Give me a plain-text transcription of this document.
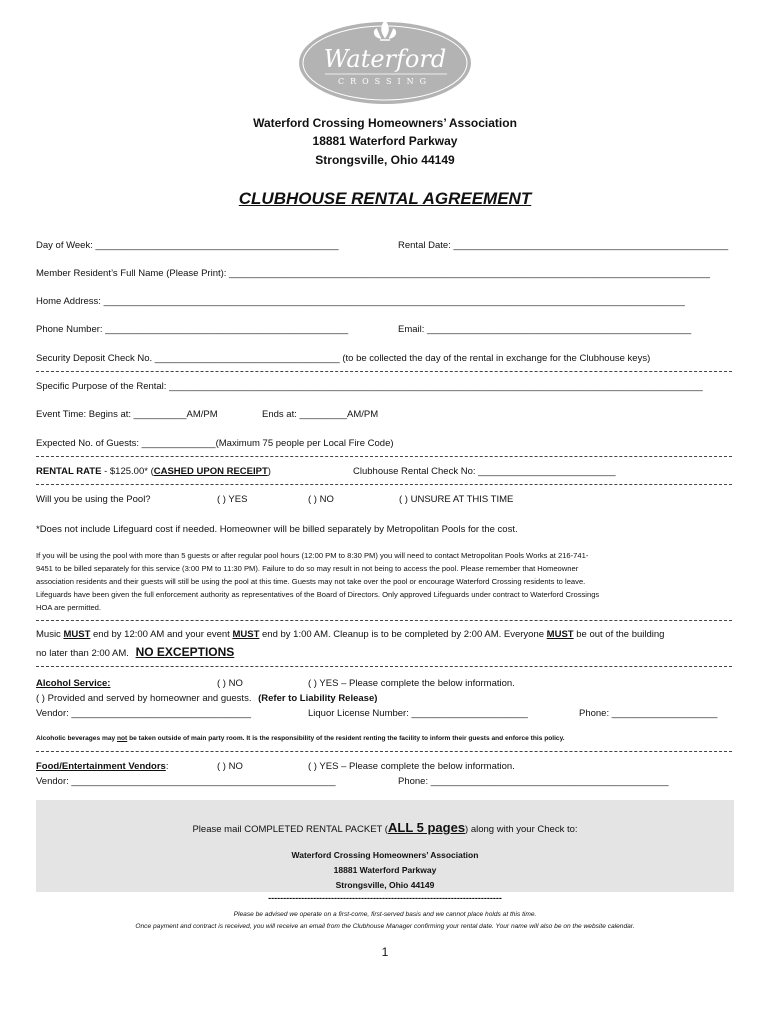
Waterford
CROSSING
Waterford Crossing Homeowners’ Association
18881 Waterford Parkway
Strongsville, Ohio 44149
CLUBHOUSE RENTAL AGREEMENT
Day of Week: ______________________________________________	Rental Date: ____________________________________________________
Member Resident’s Full Name (Please Print): ___________________________________________________________________________________________
Home Address: ______________________________________________________________________________________________________________
Phone Number: ______________________________________________	Email: __________________________________________________
Security Deposit Check No. ___________________________________ (to be collected the day of the rental in exchange for the Clubhouse keys)
Specific Purpose of the Rental: _____________________________________________________________________________________________________
Event Time: Begins at: __________AM/PM	Ends at: _________AM/PM
Expected No. of Guests: ______________(Maximum 75 people per Local Fire Code)
RENTAL RATE - $125.00* (CASHED UPON RECEIPT)	Clubhouse Rental Check No: __________________________
Will you be using the Pool?	( ) YES	( ) NO	( ) UNSURE AT THIS TIME
*Does not include Lifeguard cost if needed. Homeowner will be billed separately by Metropolitan Pools for the cost.
If you will be using the pool with more than 5 guests or after regular pool hours (12:00 PM to 8:30 PM) you will need to contact Metropolitan Pools Works at 216-741-
9451 to be billed separately for this service (3:00 PM to 11:30 PM). Failure to do so may result in not being to access the pool. Please remember that Homeowner
association residents and their guests will still be using the pool at this time. Guests may not take over the pool or encourage Waterford Crossing residents to leave.
Lifeguards have been given the full enforcement authority as representatives of the Board of Directors. Only approved Lifeguards under contract to Waterford Crossings
HOA are permitted.
Music MUST end by 12:00 AM and your event MUST end by 1:00 AM. Cleanup is to be completed by 2:00 AM. Everyone MUST be out of the building
no later than 2:00 AM. NO EXCEPTIONS
Alcohol Service:	( ) NO	( ) YES – Please complete the below information.
( ) Provided and served by homeowner and guests. (Refer to Liability Release)
Vendor: __________________________________	Liquor License Number: ______________________	Phone: ____________________
Alcoholic beverages may not be taken outside of main party room. It is the responsibility of the resident renting the facility to inform their guests and enforce this policy.
Food/Entertainment Vendors:	( ) NO	( ) YES – Please complete the below information.
Vendor: __________________________________________________	Phone: _____________________________________________
Please mail COMPLETED RENTAL PACKET (ALL 5 pages) along with your Check to:
Waterford Crossing Homeowners’ Association
18881 Waterford Parkway
Strongsville, Ohio 44149
------------------------------------------------------------------------------
Please be advised we operate on a first-come, first-served basis and we cannot place holds at this time.
Once payment and contract is received, you will receive an email from the Clubhouse Manager confirming your rental date. Your name will also be on the website calendar.
1
